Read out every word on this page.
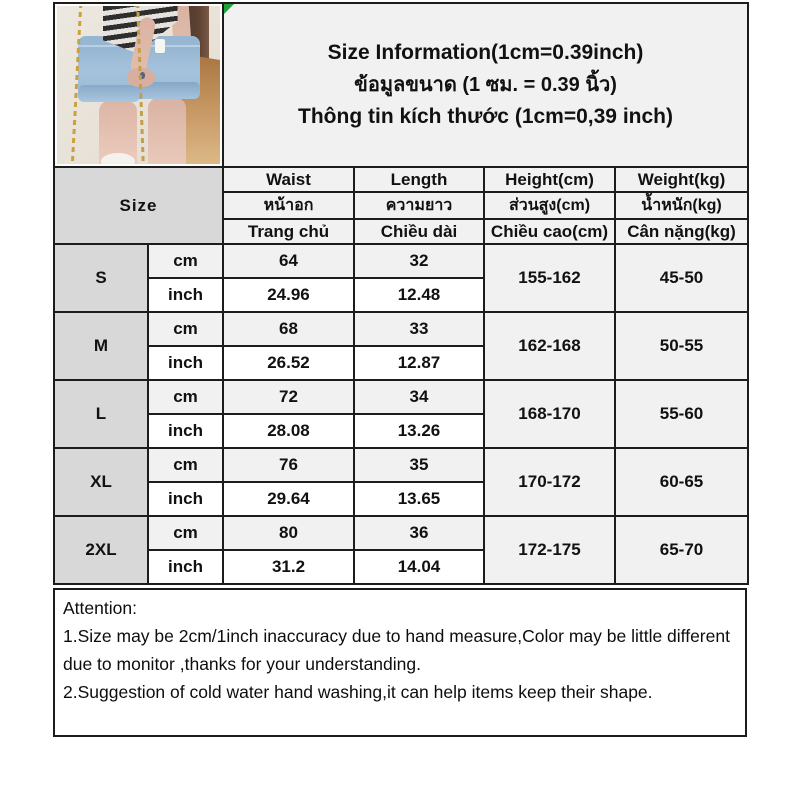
		Size Information(1cm=0.39inch)
ข้อมูลขนาด (1 ซม. = 0.39 นิ้ว)
Thông tin kích thước (1cm=0,39 inch)			

Size		Waist	Length	Height(cm)	Weight(kg)
		หน้าอก	ความยาว	ส่วนสูง(cm)	น้ำหนัก(kg)
		Trang chủ	Chiều dài	Chiều cao(cm)	Cân nặng(kg)
S	cm	64	32	155-162	45-50
	inch	24.96	12.48		
M	cm	68	33	162-168	50-55
	inch	26.52	12.87		
L	cm	72	34	168-170	55-60
	inch	28.08	13.26		
XL	cm	76	35	170-172	60-65
	inch	29.64	13.65		
2XL	cm	80	36	172-175	65-70
	inch	31.2	14.04		
Attention:
1.Size may be 2cm/1inch inaccuracy due to hand measure,Color may be little different due to monitor ,thanks for your understanding.
2.Suggestion of cold water hand washing,it can help items keep their shape.
